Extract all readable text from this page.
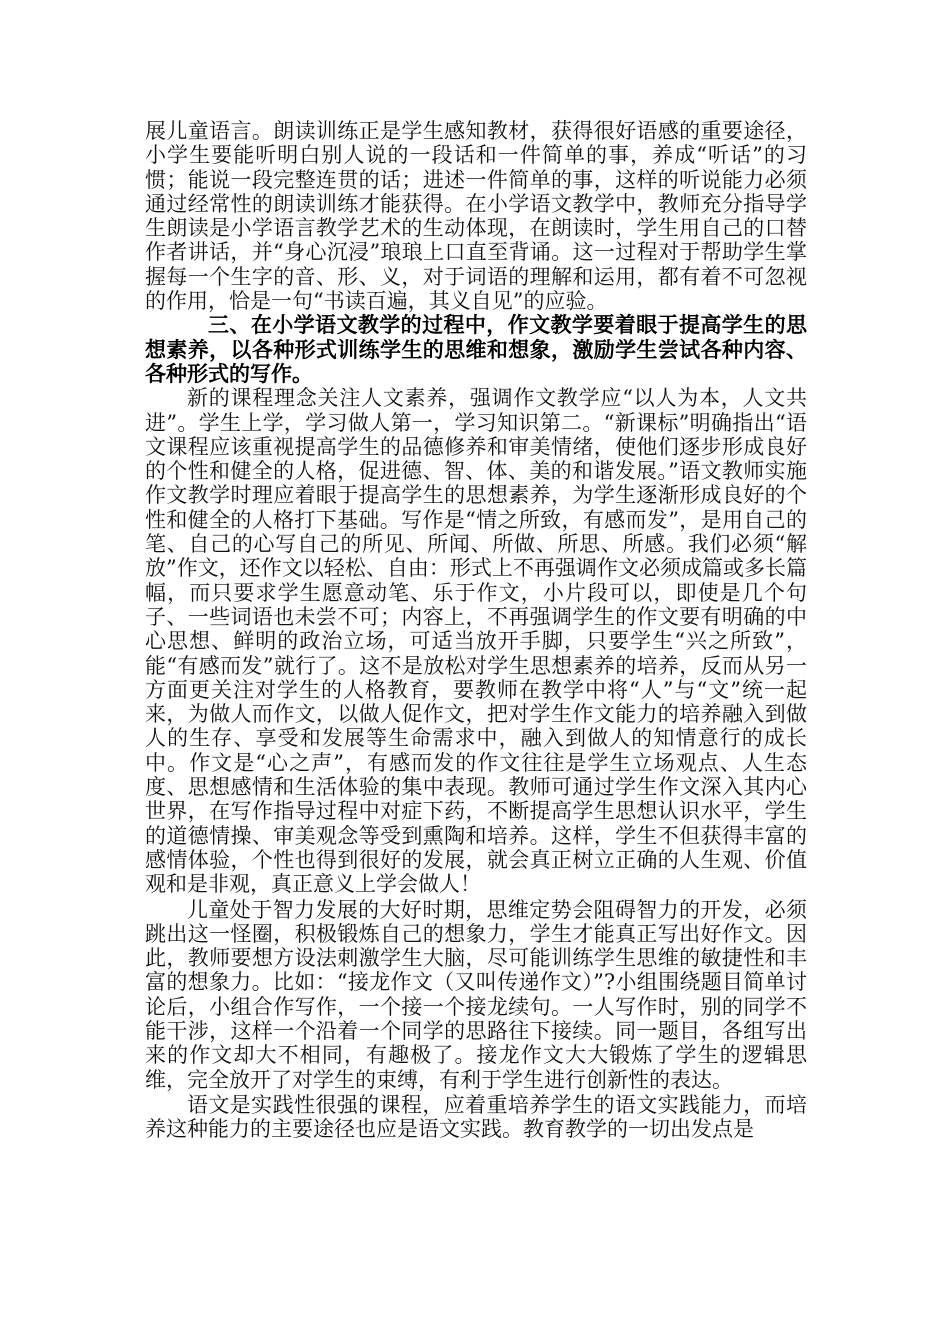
展儿童语言。朗读训练正是学生感知教材，获得很好语感的重要途径，小学生要能听明白别人说的一段话和一件简单的事，养成“听话”的习惯；能说一段完整连贯的话；进述一件简单的事，这样的听说能力必须通过经常性的朗读训练才能获得。在小学语文教学中，教师充分指导学生朗读是小学语言教学艺术的生动体现，在朗读时，学生用自己的口替作者讲话，并“身心沉浸”琅琅上口直至背诵。这一过程对于帮助学生掌握每一个生字的音、形、义，对于词语的理解和运用，都有着不可忽视的作用，恰是一句“书读百遍，其义自见”的应验。

三、在小学语文教学的过程中，作文教学要着眼于提高学生的思想素养，以各种形式训练学生的思维和想象，激励学生尝试各种内容、各种形式的写作。

新的课程理念关注人文素养，强调作文教学应“以人为本，人文共进”。学生上学，学习做人第一，学习知识第二。“新课标”明确指出“语文课程应该重视提高学生的品德修养和审美情绪，使他们逐步形成良好的个性和健全的人格，促进德、智、体、美的和谐发展。”语文教师实施作文教学时理应着眼于提高学生的思想素养，为学生逐渐形成良好的个性和健全的人格打下基础。写作是“情之所致，有感而发”，是用自己的笔、自己的心写自己的所见、所闻、所做、所思、所感。我们必须“解放”作文，还作文以轻松、自由：形式上不再强调作文必须成篇或多长篇幅，而只要求学生愿意动笔、乐于作文，小片段可以，即使是几个句子、一些词语也未尝不可；内容上，不再强调学生的作文要有明确的中心思想、鲜明的政治立场，可适当放开手脚，只要学生“兴之所致”，能“有感而发”就行了。这不是放松对学生思想素养的培养，反而从另一方面更关注对学生的人格教育，要教师在教学中将“人”与“文”统一起来，为做人而作文，以做人促作文，把对学生作文能力的培养融入到做人的生存、享受和发展等生命需求中，融入到做人的知情意行的成长中。作文是“心之声”，有感而发的作文往往是学生立场观点、人生态度、思想感情和生活体验的集中表现。教师可通过学生作文深入其内心世界，在写作指导过程中对症下药，不断提高学生思想认识水平，学生的道德情操、审美观念等受到熏陶和培养。这样，学生不但获得丰富的感情体验，个性也得到很好的发展，就会真正树立正确的人生观、价值观和是非观，真正意义上学会做人！

儿童处于智力发展的大好时期，思维定势会阻碍智力的开发，必须跳出这一怪圈，积极锻炼自己的想象力，学生才能真正写出好作文。因此，教师要想方设法刺激学生大脑，尽可能训练学生思维的敏捷性和丰富的想象力。比如：“接龙作文（又叫传递作文）”?小组围绕题目简单讨论后，小组合作写作，一个接一个接龙续句。一人写作时，别的同学不能干涉，这样一个沿着一个同学的思路往下接续。同一题目，各组写出来的作文却大不相同，有趣极了。接龙作文大大锻炼了学生的逻辑思维，完全放开了对学生的束缚，有利于学生进行创新性的表达。

语文是实践性很强的课程，应着重培养学生的语文实践能力，而培养这种能力的主要途径也应是语文实践。教育教学的一切出发点是
